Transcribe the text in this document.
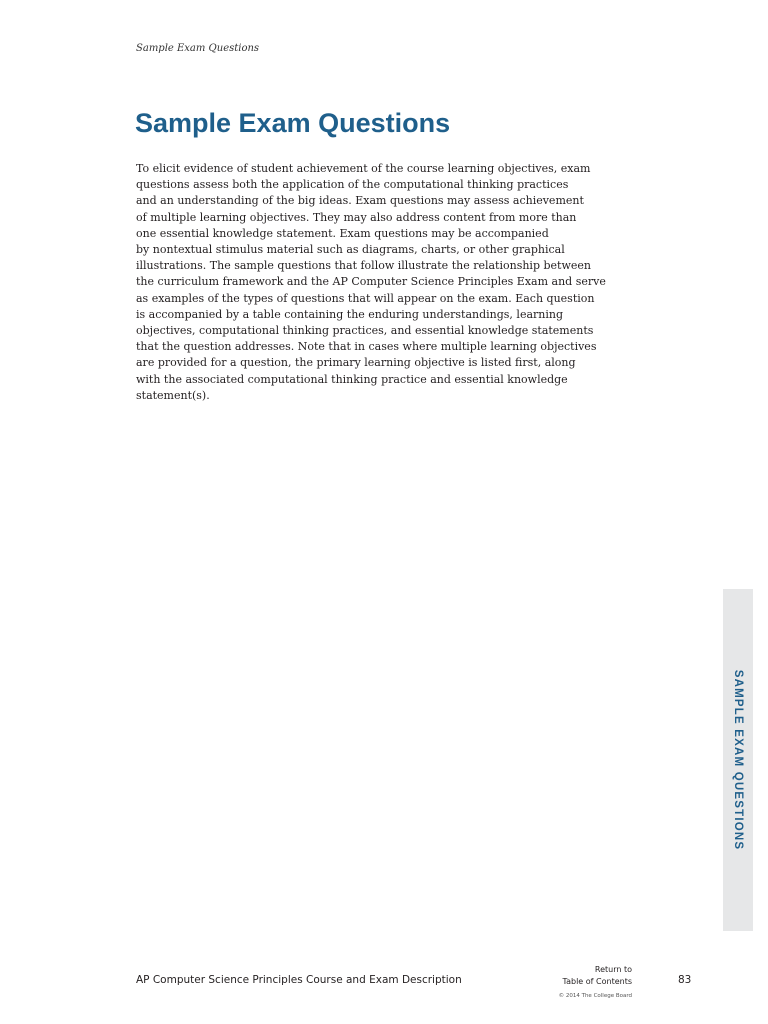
Sample Exam Questions
Sample Exam Questions

To elicit evidence of student achievement of the course learning objectives, exam
questions assess both the application of the computational thinking practices
and an understanding of the big ideas. Exam questions may assess achievement
of multiple learning objectives. They may also address content from more than
one essential knowledge statement. Exam questions may be accompanied
by nontextual stimulus material such as diagrams, charts, or other graphical
illustrations. The sample questions that follow illustrate the relationship between
the curriculum framework and the AP Computer Science Principles Exam and serve
as examples of the types of questions that will appear on the exam. Each question
is accompanied by a table containing the enduring understandings, learning
objectives, computational thinking practices, and essential knowledge statements
that the question addresses. Note that in cases where multiple learning objectives
are provided for a question, the primary learning objective is listed first, along
with the associated computational thinking practice and essential knowledge
statement(s).

SAMPLE EXAM QUESTIONS
AP Computer Science Principles Course and Exam Description
Return to
Table of Contents	83
© 2014 The College Board
